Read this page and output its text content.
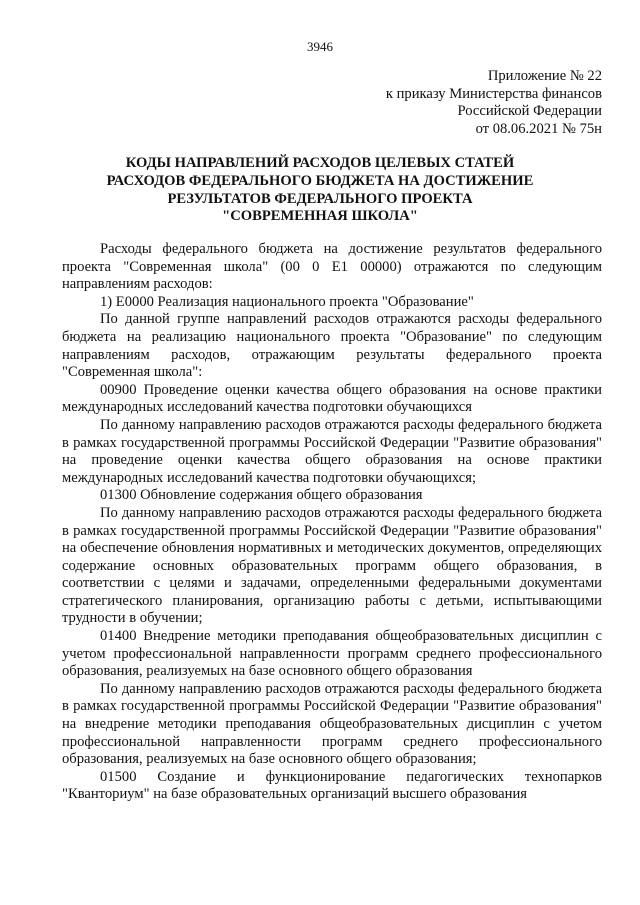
3946
Приложение № 22
к приказу Министерства финансов
Российской Федерации
от 08.06.2021 № 75н
КОДЫ НАПРАВЛЕНИЙ РАСХОДОВ ЦЕЛЕВЫХ СТАТЕЙ
РАСХОДОВ ФЕДЕРАЛЬНОГО БЮДЖЕТА НА ДОСТИЖЕНИЕ
РЕЗУЛЬТАТОВ ФЕДЕРАЛЬНОГО ПРОЕКТА
"СОВРЕМЕННАЯ ШКОЛА"

Расходы федерального бюджета на достижение результатов федерального проекта "Современная школа" (00 0 Е1 00000) отражаются по следующим направлениям расходов:

1) Е0000 Реализация национального проекта "Образование"

По данной группе направлений расходов отражаются расходы федерального бюджета на реализацию национального проекта "Образование" по следующим направлениям расходов, отражающим результаты федерального проекта "Современная школа":

00900 Проведение оценки качества общего образования на основе практики международных исследований качества подготовки обучающихся

По данному направлению расходов отражаются расходы федерального бюджета в рамках государственной программы Российской Федерации "Развитие образования" на проведение оценки качества общего образования на основе практики международных исследований качества подготовки обучающихся;

01300 Обновление содержания общего образования

По данному направлению расходов отражаются расходы федерального бюджета в рамках государственной программы Российской Федерации "Развитие образования" на обеспечение обновления нормативных и методических документов, определяющих содержание основных образовательных программ общего образования, в соответствии с целями и задачами, определенными федеральными документами стратегического планирования, организацию работы с детьми, испытывающими трудности в обучении;

01400 Внедрение методики преподавания общеобразовательных дисциплин с учетом профессиональной направленности программ среднего профессионального образования, реализуемых на базе основного общего образования

По данному направлению расходов отражаются расходы федерального бюджета в рамках государственной программы Российской Федерации "Развитие образования" на внедрение методики преподавания общеобразовательных дисциплин с учетом профессиональной направленности программ среднего профессионального образования, реализуемых на базе основного общего образования;

01500 Создание и функционирование педагогических технопарков "Кванториум" на базе образовательных организаций высшего образования
